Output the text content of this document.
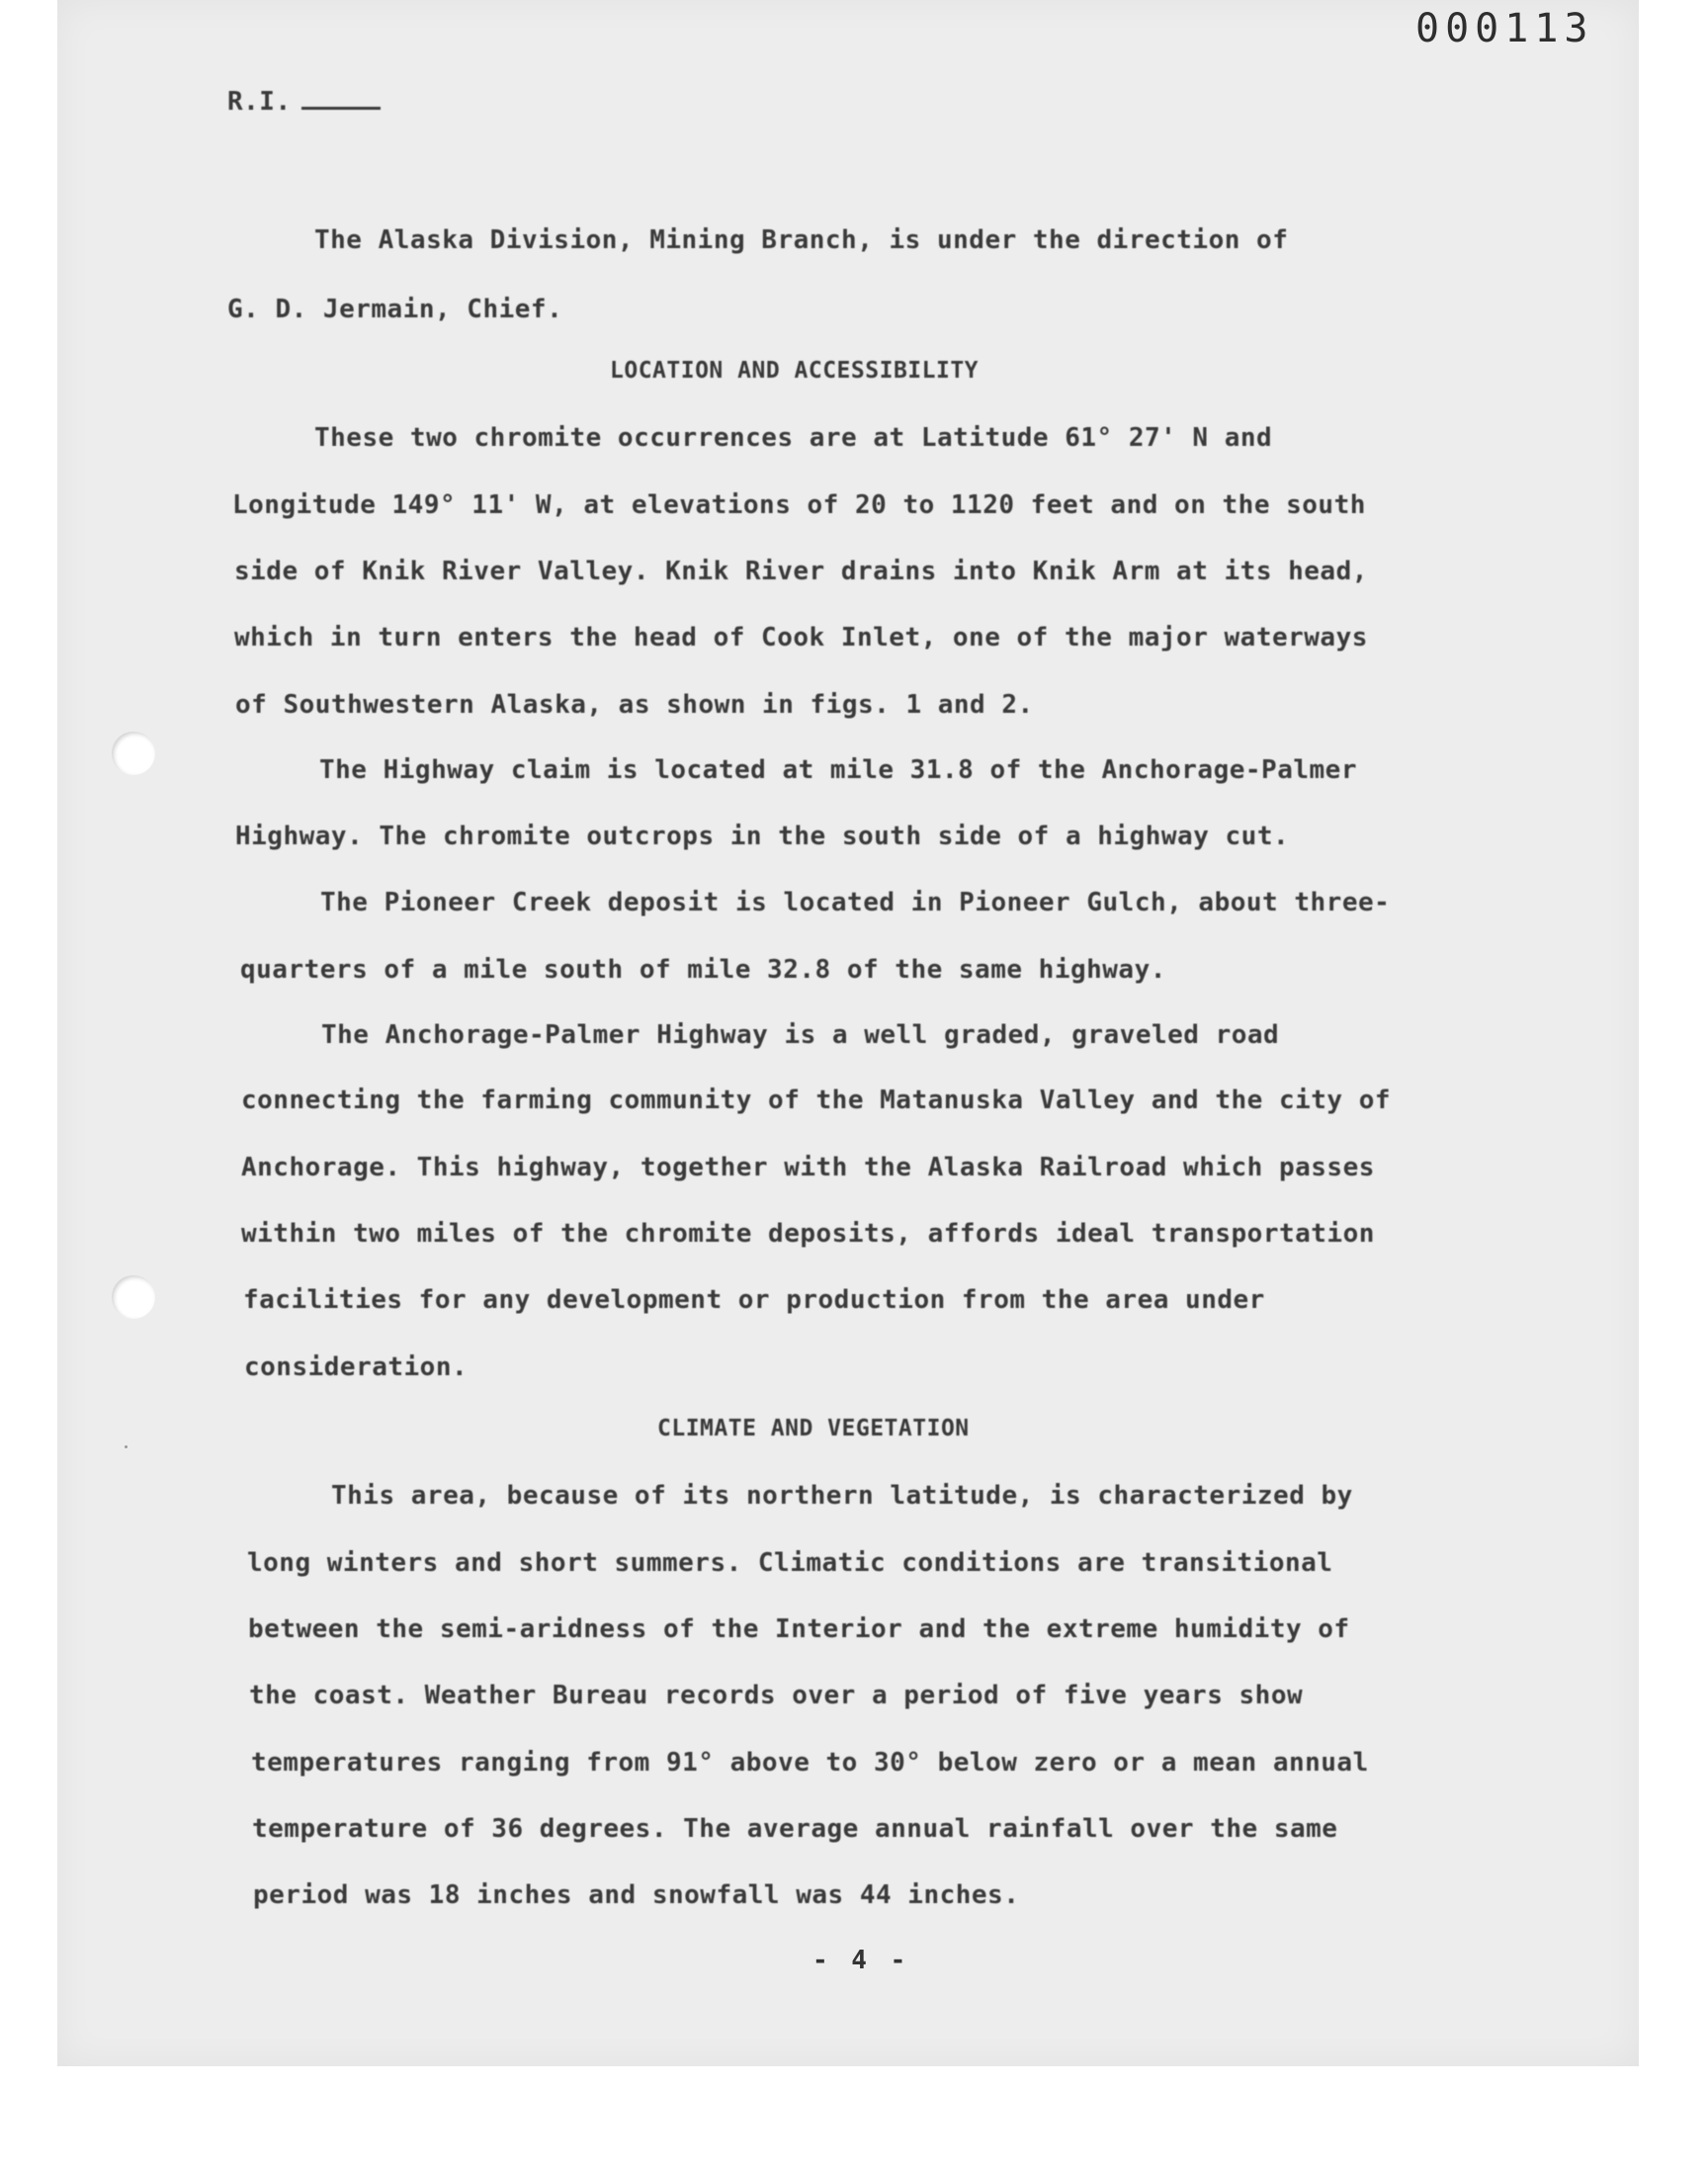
000113
R.I.
The Alaska Division, Mining Branch, is under the direction of
G. D. Jermain, Chief.
LOCATION AND ACCESSIBILITY
These two chromite occurrences are at Latitude 61° 27' N and
Longitude 149° 11' W, at elevations of 20 to 1120 feet and on the south
side of Knik River Valley. Knik River drains into Knik Arm at its head,
which in turn enters the head of Cook Inlet, one of the major waterways
of Southwestern Alaska, as shown in figs. 1 and 2.
The Highway claim is located at mile 31.8 of the Anchorage-Palmer
Highway. The chromite outcrops in the south side of a highway cut.
The Pioneer Creek deposit is located in Pioneer Gulch, about three-
quarters of a mile south of mile 32.8 of the same highway.
The Anchorage-Palmer Highway is a well graded, graveled road
connecting the farming community of the Matanuska Valley and the city of
Anchorage. This highway, together with the Alaska Railroad which passes
within two miles of the chromite deposits, affords ideal transportation
facilities for any development or production from the area under
consideration.
CLIMATE AND VEGETATION
This area, because of its northern latitude, is characterized by
long winters and short summers. Climatic conditions are transitional
between the semi-aridness of the Interior and the extreme humidity of
the coast. Weather Bureau records over a period of five years show
temperatures ranging from 91° above to 30° below zero or a mean annual
temperature of 36 degrees. The average annual rainfall over the same
period was 18 inches and snowfall was 44 inches.
- 4 -
